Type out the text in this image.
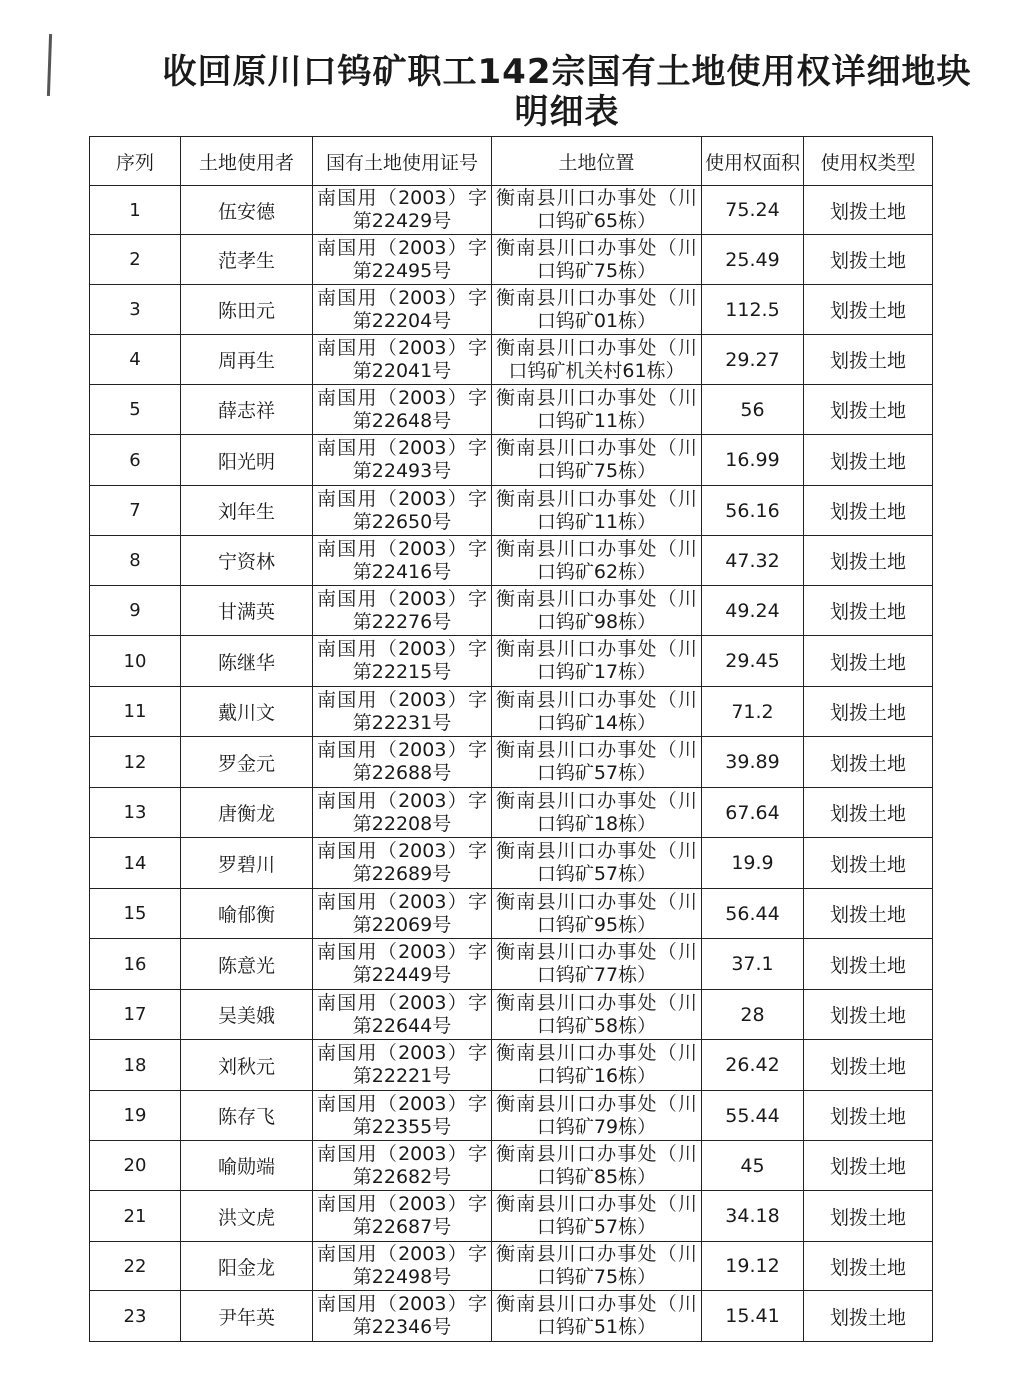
收回原川口钨矿职工142宗国有土地使用权详细地块
明细表
序列	土地使用者	国有土地使用证号	土地位置	使用权面积	使用权类型
1	伍安德	南国用（2003）字
第22429号	衡南县川口办事处（川
口钨矿65栋）	75.24	划拨土地
2	范孝生	南国用（2003）字
第22495号	衡南县川口办事处（川
口钨矿75栋）	25.49	划拨土地
3	陈田元	南国用（2003）字
第22204号	衡南县川口办事处（川
口钨矿01栋）	112.5	划拨土地
4	周再生	南国用（2003）字
第22041号	衡南县川口办事处（川
口钨矿机关村61栋）	29.27	划拨土地
5	薛志祥	南国用（2003）字
第22648号	衡南县川口办事处（川
口钨矿11栋）	56	划拨土地
6	阳光明	南国用（2003）字
第22493号	衡南县川口办事处（川
口钨矿75栋）	16.99	划拨土地
7	刘年生	南国用（2003）字
第22650号	衡南县川口办事处（川
口钨矿11栋）	56.16	划拨土地
8	宁资林	南国用（2003）字
第22416号	衡南县川口办事处（川
口钨矿62栋）	47.32	划拨土地
9	甘满英	南国用（2003）字
第22276号	衡南县川口办事处（川
口钨矿98栋）	49.24	划拨土地
10	陈继华	南国用（2003）字
第22215号	衡南县川口办事处（川
口钨矿17栋）	29.45	划拨土地
11	戴川文	南国用（2003）字
第22231号	衡南县川口办事处（川
口钨矿14栋）	71.2	划拨土地
12	罗金元	南国用（2003）字
第22688号	衡南县川口办事处（川
口钨矿57栋）	39.89	划拨土地
13	唐衡龙	南国用（2003）字
第22208号	衡南县川口办事处（川
口钨矿18栋）	67.64	划拨土地
14	罗碧川	南国用（2003）字
第22689号	衡南县川口办事处（川
口钨矿57栋）	19.9	划拨土地
15	喻郁衡	南国用（2003）字
第22069号	衡南县川口办事处（川
口钨矿95栋）	56.44	划拨土地
16	陈意光	南国用（2003）字
第22449号	衡南县川口办事处（川
口钨矿77栋）	37.1	划拨土地
17	吴美娥	南国用（2003）字
第22644号	衡南县川口办事处（川
口钨矿58栋）	28	划拨土地
18	刘秋元	南国用（2003）字
第22221号	衡南县川口办事处（川
口钨矿16栋）	26.42	划拨土地
19	陈存飞	南国用（2003）字
第22355号	衡南县川口办事处（川
口钨矿79栋）	55.44	划拨土地
20	喻勋端	南国用（2003）字
第22682号	衡南县川口办事处（川
口钨矿85栋）	45	划拨土地
21	洪文虎	南国用（2003）字
第22687号	衡南县川口办事处（川
口钨矿57栋）	34.18	划拨土地
22	阳金龙	南国用（2003）字
第22498号	衡南县川口办事处（川
口钨矿75栋）	19.12	划拨土地
23	尹年英	南国用（2003）字
第22346号	衡南县川口办事处（川
口钨矿51栋）	15.41	划拨土地
